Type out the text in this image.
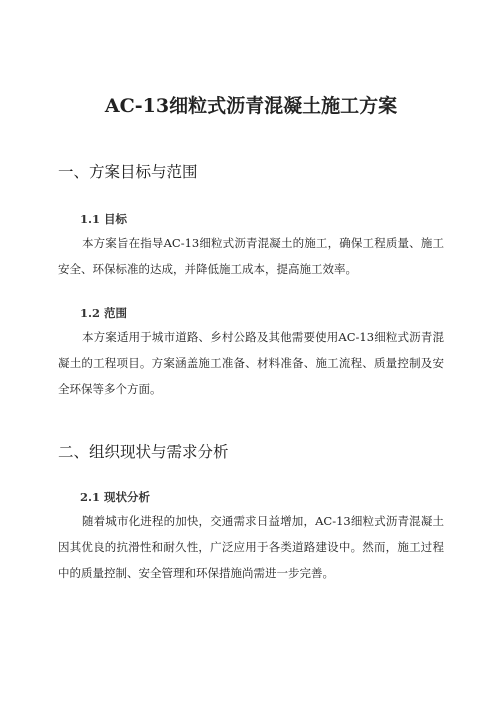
AC-13细粒式沥青混凝土施工方案
一、方案目标与范围
1.1 目标

本方案旨在指导AC-13细粒式沥青混凝土的施工，确保工程质量、施工安全、环保标准的达成，并降低施工成本，提高施工效率。

1.2 范围

本方案适用于城市道路、乡村公路及其他需要使用AC-13细粒式沥青混凝土的工程项目。方案涵盖施工准备、材料准备、施工流程、质量控制及安全环保等多个方面。

二、组织现状与需求分析
2.1 现状分析

随着城市化进程的加快，交通需求日益增加，AC-13细粒式沥青混凝土因其优良的抗滑性和耐久性，广泛应用于各类道路建设中。然而，施工过程中的质量控制、安全管理和环保措施尚需进一步完善。
